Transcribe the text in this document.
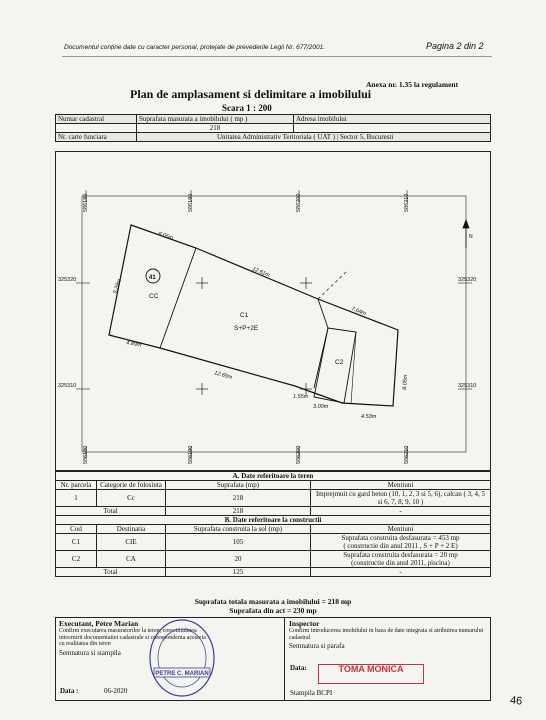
Documentul conține date cu caracter personal, protejate de prevederile Legii Nr. 677/2001.	Pagina 2 din 2
Anexa nr. 1.35 la regulament
Plan de amplasament si delimitare a imobilului
Scara 1 : 200
Numar cadastral	Suprafata masurata a imobilului ( mp )	Adresa imobilului
	218	
Nr. carte funciara	Unitatea Administrativ Teritoriala ( UAT ) | Sector 5, Bucuresti	
586180	586190	586200	586210
586180	586190	586200	586210
325320	325320
325310	325310
6.05m
9.28m
12.61m
7.04m
4.89m
12.65m	8.05m
1.55m
3.00m
4.53m
41
CC
C1
S+P+2E
C2
N
A. Date referitoare la teren			
Nr. parcela	Categorie de folosinta	Suprafata (mp)	Mentiuni
1	Cc	218	Imprejmuit cu gard beton (10, 1, 2, 3 si 5, 6), calcan ( 3, 4, 5 si 6, 7, 8, 9, 10 )
Total		218	-
B. Date referitoare la constructii			
Cod	Destinatia	Suprafata construita la sol (mp)	Mentiuni
C1	CIE	105	Suprafata construita desfasurata = 453 mp
( constructie din anul 2011 , S + P + 2 E)

C2	CA	20	Suprafata construita desfasurata = 20 mp
(constructie din anul 2011, piscina)

Total		125	-
Suprafata totala masurata a imobilului = 218 mp
Suprafata din act = 230 mp
Executant, Petre Marian
Confirm executarea masuratorilor la teren, corectitudinea intocmirii documentatiei cadastrale si corespondenta acesteia cu realitatea din teren
Semnatura si stampila
Data :	06-2020
Inspector
Confirm introducerea imobilului in baza de date integrata si atribuirea numarului cadastral
Semnatura si parafa
Data:
Stampila BCPI
PETRE C. MARIAN	TOMA MONICA
46
